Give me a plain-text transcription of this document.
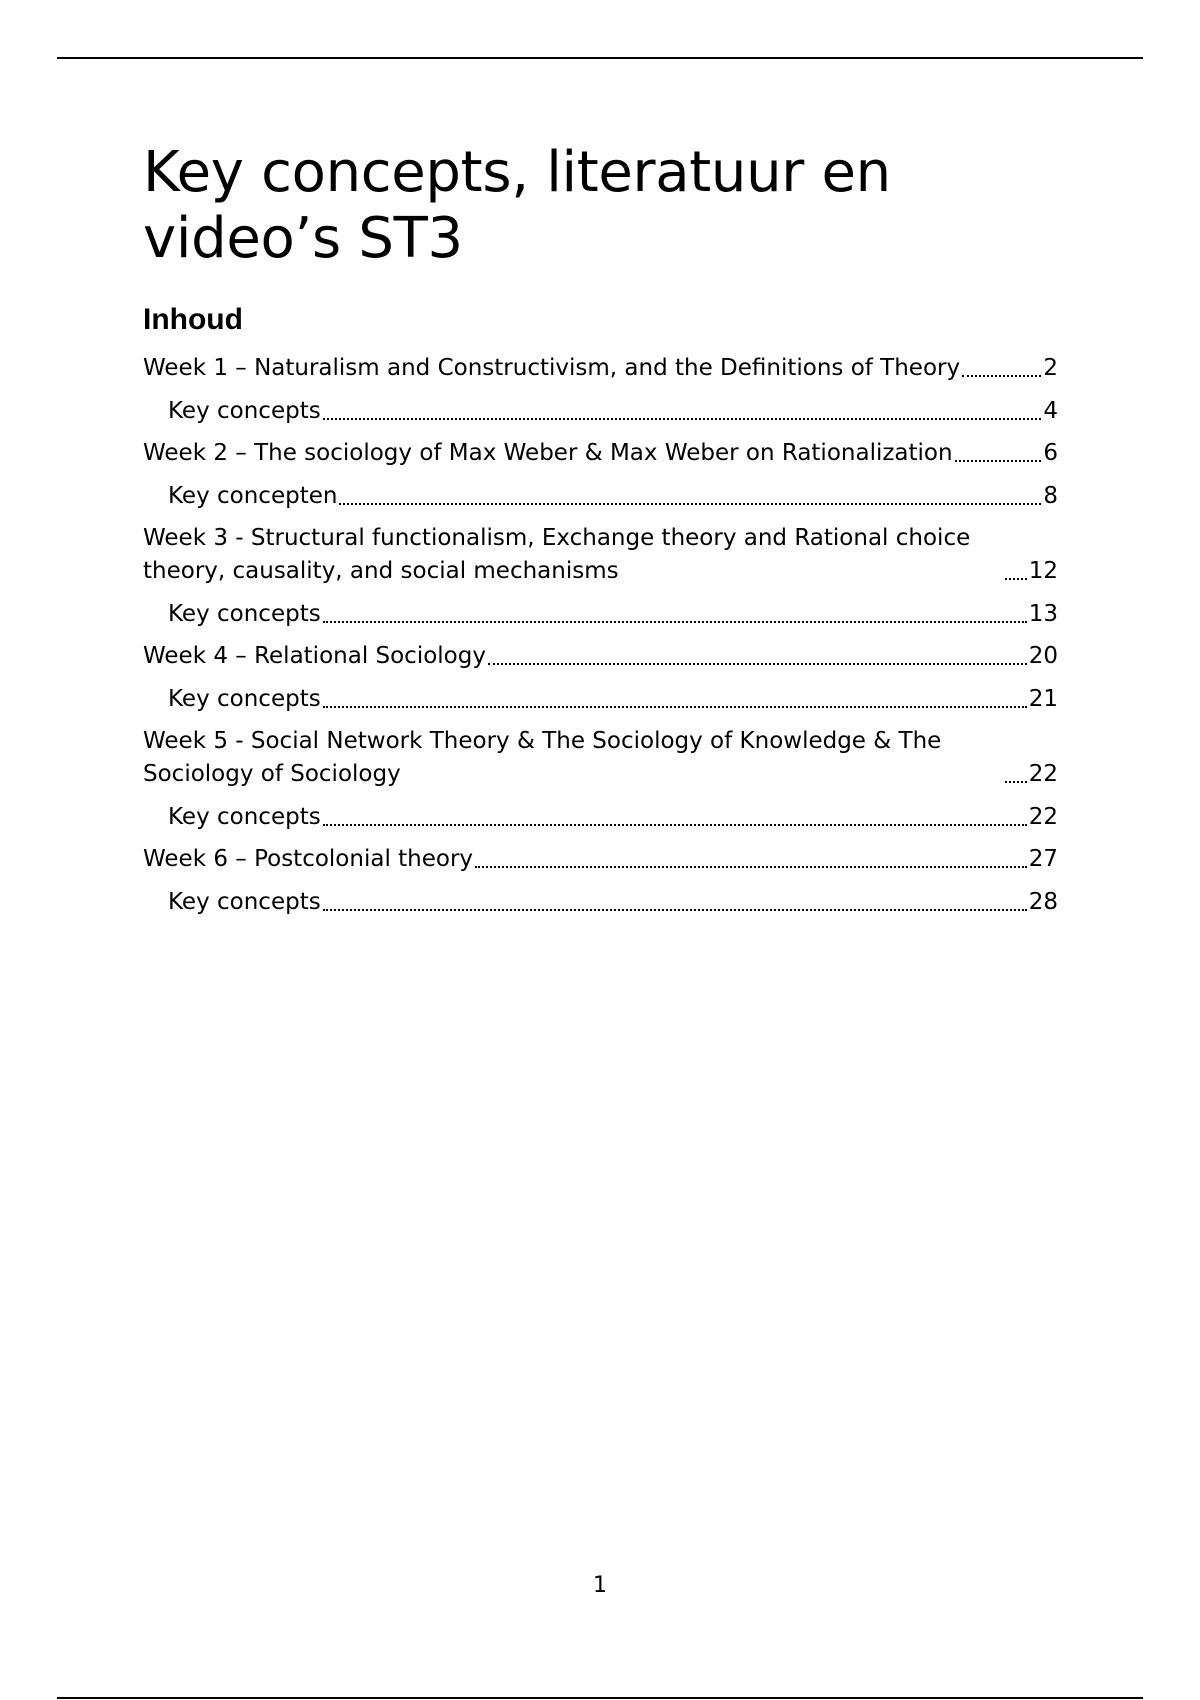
Key concepts, literatuur en
video’s ST3
Inhoud
Week 1 – Naturalism and Constructivism, and the Definitions of Theory	2
Key concepts	4
Week 2 – The sociology of Max Weber & Max Weber on Rationalization	6
Key concepten	8
Week 3 - Structural functionalism, Exchange theory and Rational choice theory, causality, and social mechanisms	12
Key concepts	13
Week 4 – Relational Sociology	20
Key concepts	21
Week 5 - Social Network Theory & The Sociology of Knowledge & The Sociology of Sociology	22
Key concepts	22
Week 6 – Postcolonial theory	27
Key concepts	28
1
